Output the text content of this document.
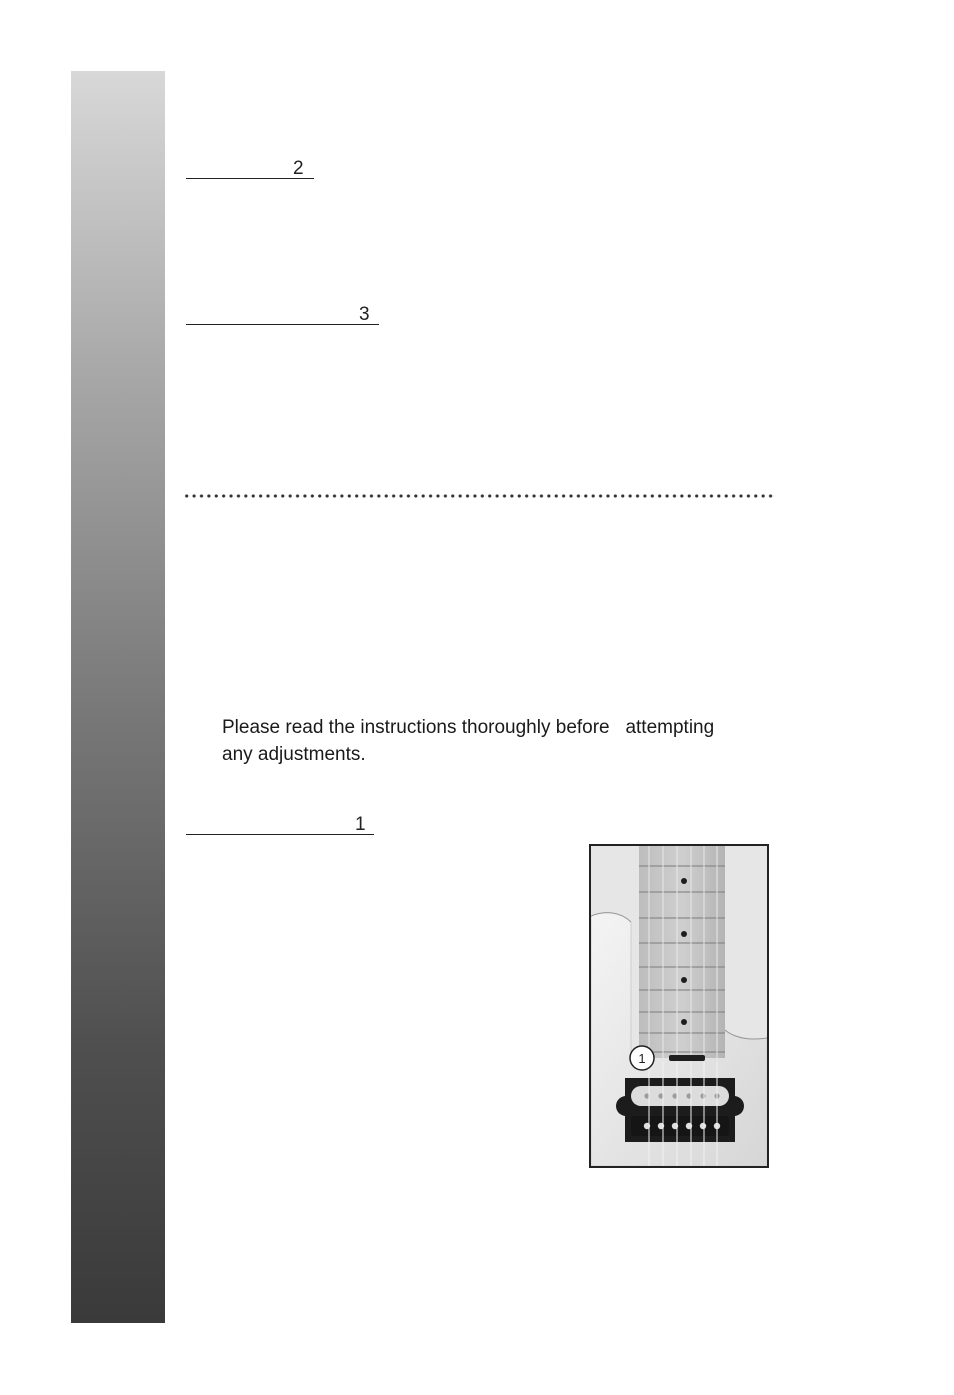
2
3
Please read the instructions thoroughly before   attempting
any adjustments.
1
1
